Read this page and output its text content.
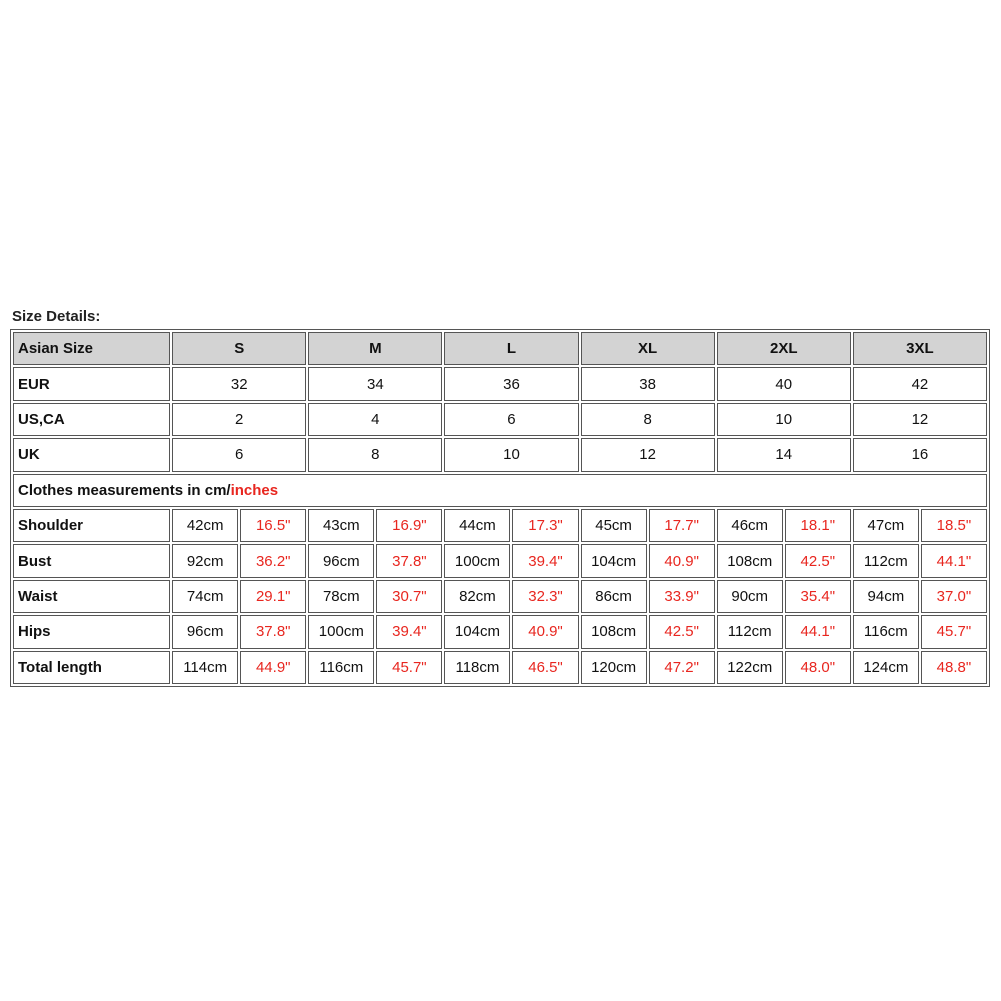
Size Details:
Asian Size	S		M		L		XL		2XL		3XL	
EUR	32		34		36		38		40		42	
US,CA	2		4		6		8		10		12	
UK	6		8		10		12		14		16	
Clothes measurements in cm/inches												
Shoulder	42cm	16.5"	43cm	16.9"	44cm	17.3"	45cm	17.7"	46cm	18.1"	47cm	18.5"
Bust	92cm	36.2"	96cm	37.8"	100cm	39.4"	104cm	40.9"	108cm	42.5"	112cm	44.1"
Waist	74cm	29.1"	78cm	30.7"	82cm	32.3"	86cm	33.9"	90cm	35.4"	94cm	37.0"
Hips	96cm	37.8"	100cm	39.4"	104cm	40.9"	108cm	42.5"	112cm	44.1"	116cm	45.7"
Total length	114cm	44.9"	116cm	45.7"	118cm	46.5"	120cm	47.2"	122cm	48.0"	124cm	48.8"
